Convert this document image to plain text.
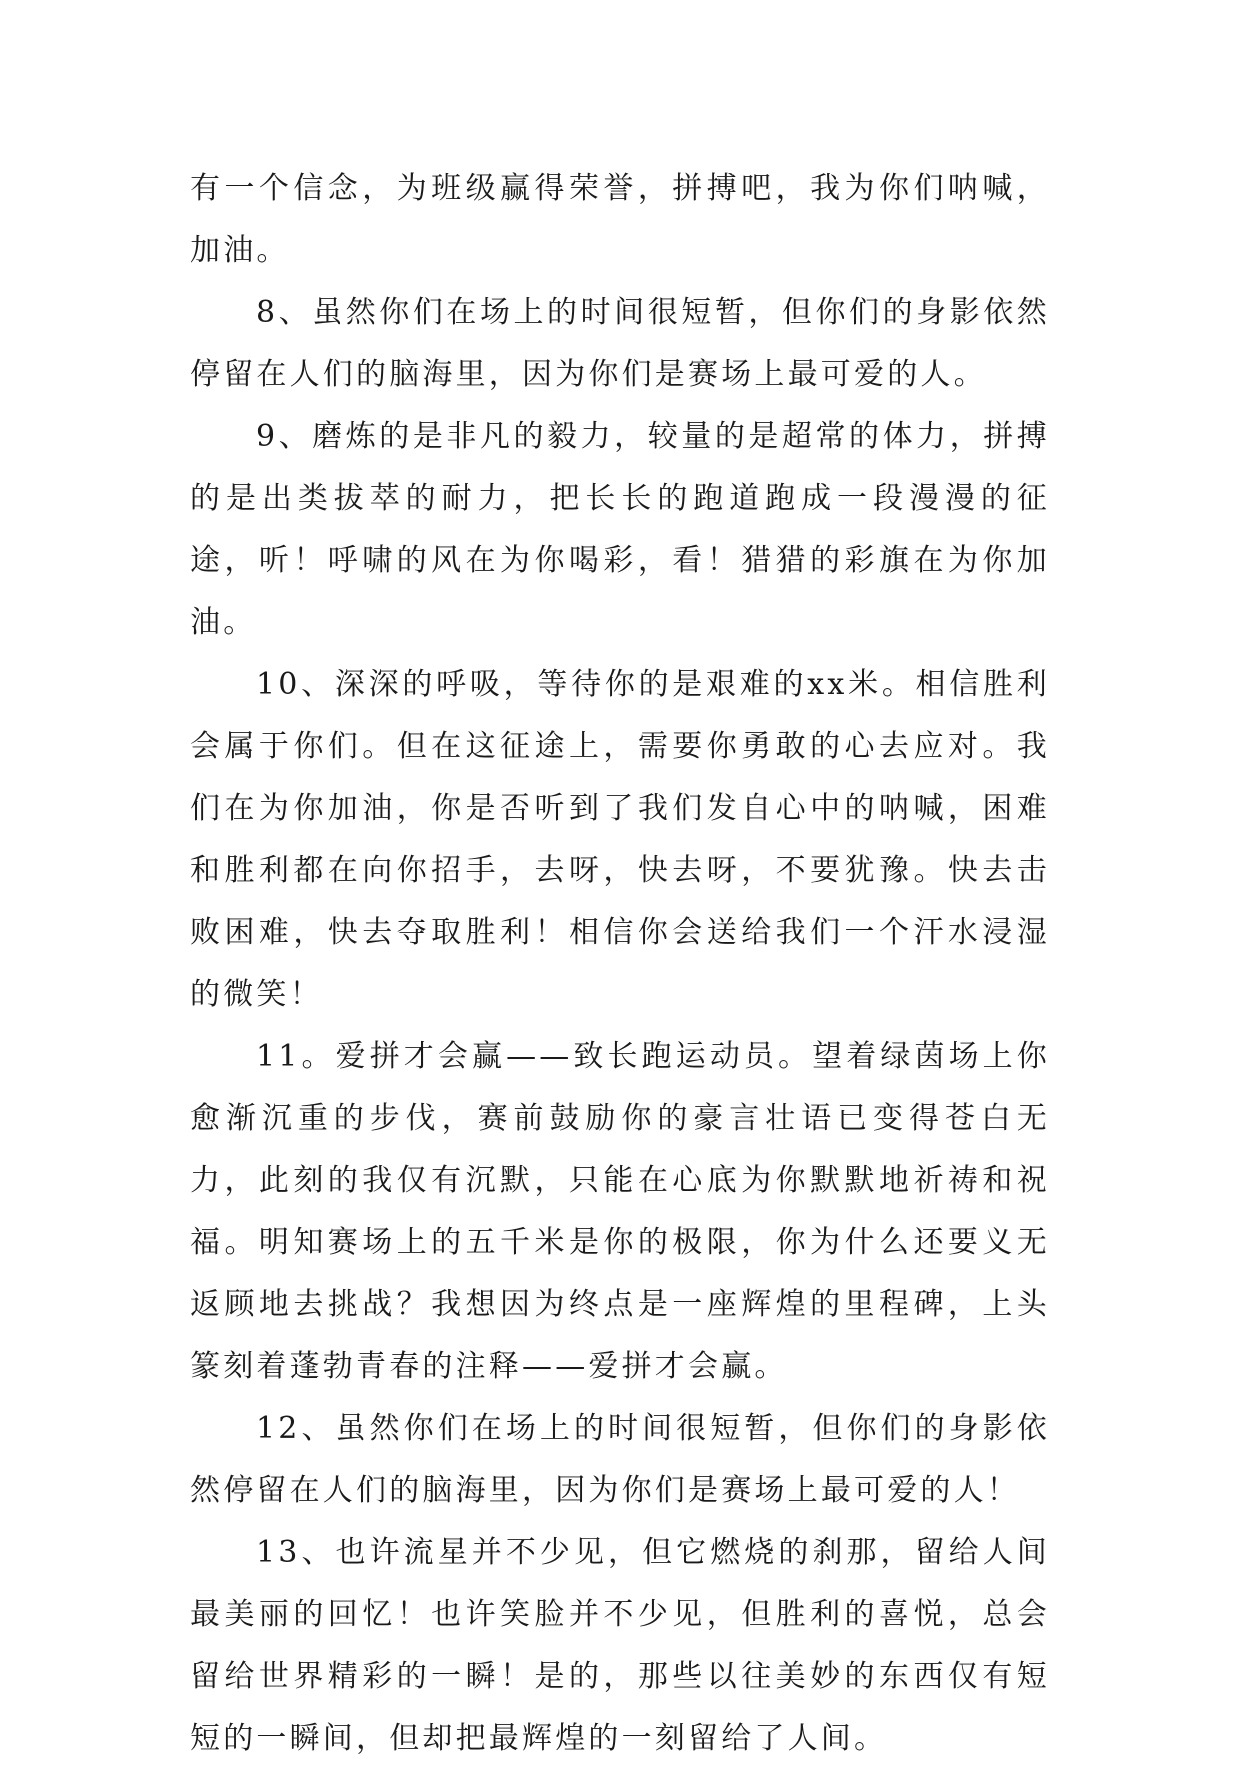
有一个信念，为班级赢得荣誉，拼搏吧，我为你们呐喊，加油。

8、虽然你们在场上的时间很短暂，但你们的身影依然停留在人们的脑海里，因为你们是赛场上最可爱的人。

9、磨炼的是非凡的毅力，较量的是超常的体力，拼搏的是出类拔萃的耐力，把长长的跑道跑成一段漫漫的征途，听！呼啸的风在为你喝彩，看！猎猎的彩旗在为你加油。

10、深深的呼吸，等待你的是艰难的xx米。相信胜利会属于你们。但在这征途上，需要你勇敢的心去应对。我们在为你加油，你是否听到了我们发自心中的呐喊，困难和胜利都在向你招手，去呀，快去呀，不要犹豫。快去击败困难，快去夺取胜利！相信你会送给我们一个汗水浸湿的微笑！

11。爱拼才会赢——致长跑运动员。望着绿茵场上你愈渐沉重的步伐，赛前鼓励你的豪言壮语已变得苍白无力，此刻的我仅有沉默，只能在心底为你默默地祈祷和祝福。明知赛场上的五千米是你的极限，你为什么还要义无返顾地去挑战？我想因为终点是一座辉煌的里程碑，上头篆刻着蓬勃青春的注释——爱拼才会赢。

12、虽然你们在场上的时间很短暂，但你们的身影依然停留在人们的脑海里，因为你们是赛场上最可爱的人！

13、也许流星并不少见，但它燃烧的刹那，留给人间最美丽的回忆！也许笑脸并不少见，但胜利的喜悦，总会留给世界精彩的一瞬！是的，那些以往美妙的东西仅有短短的一瞬间，但却把最辉煌的一刻留给了人间。
